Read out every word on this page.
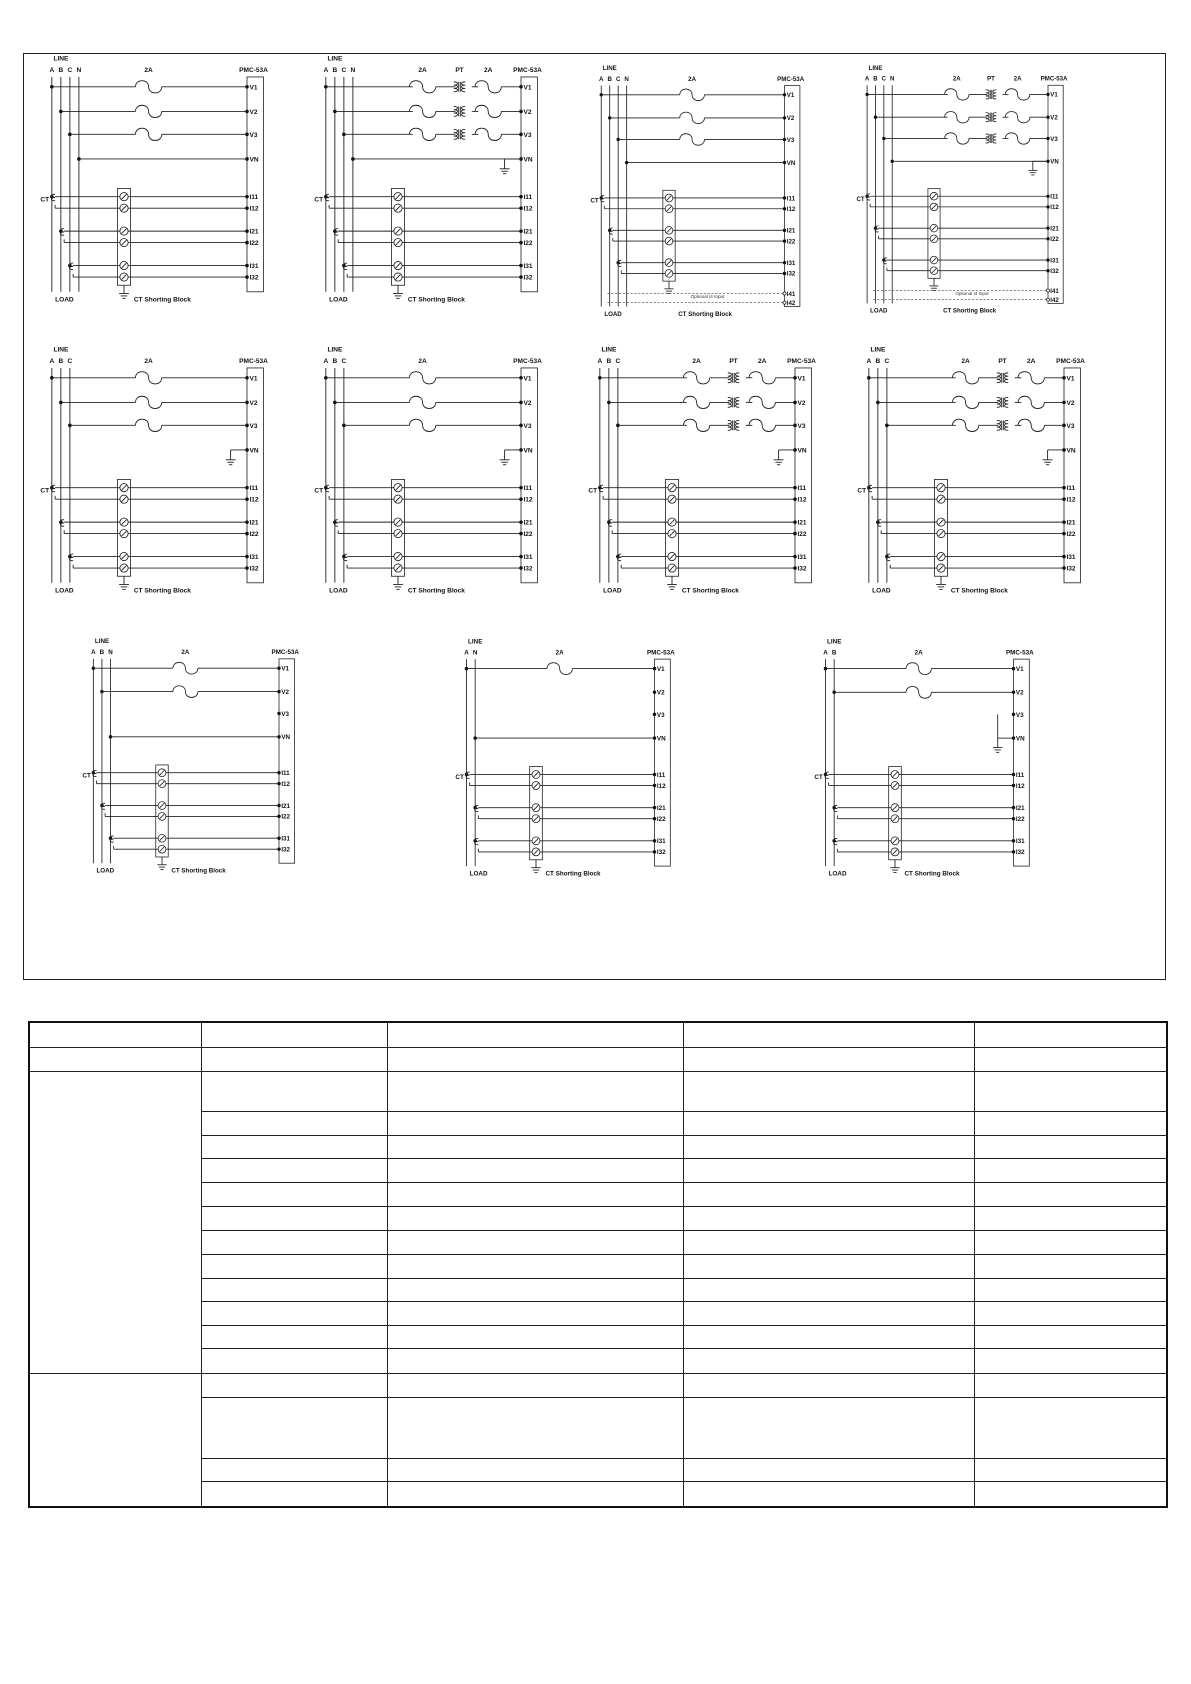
LINE
A B C N	PMC-53A
2A
LOAD
V1
V2
V3
VN
I11
I12
I21
I22
I31
I32
CT
CT Shorting Block
LINE
A B C N	PMC-53A
2A	PT	2A
LOAD
V1
V2
V3
VN
I11
I12
I21
I22
I31
I32
CT
CT Shorting Block
LINE
A B C N	PMC-53A
2A
LOAD
V1
V2
V3
VN
I11
I12
I21
I22
I31
I32
CT
CT Shorting Block
I41
I42
Optional I4 Input
LINE
A B C N	PMC-53A
2A	PT 2A
LOAD
V1
V2
V3
VN
I11
I12
I21
I22
I31
I32
CT
CT Shorting Block
I41
I42
Optional I4 Input
LINE
A B C	PMC-53A
2A
LOAD
V1
V2
V3
VN
I11
I12
I21
I22
I31
I32
CT
CT Shorting Block
LINE
A B C	PMC-53A
2A
LOAD
V1
V2
V3
VN
I11
I12
I21
I22
I31
I32
CT
CT Shorting Block
LINE
A B C	PMC-53A
2A	PT	2A
LOAD
V1
V2
V3
VN
I11
I12
I21
I22
I31
I32
CT
CT Shorting Block
LINE
A B C	PMC-53A
2A	PT	2A
LOAD
V1
V2
V3
VN
I11
I12
I21
I22
I31
I32
CT
CT Shorting Block
LINE
A B N	PMC-53A
2A
LOAD
V1
V2
V3
VN
I11
I12
I21
I22
I31
I32
CT
CT Shorting Block
LINE
A N	PMC-53A
2A
LOAD
V1
V2
V3
VN
I11
I12
I21
I22
I31
I32
CT
CT Shorting Block
LINE
A B	PMC-53A
2A
LOAD
V1
V2
V3
VN
I11
I12
I21
I22
I31
I32
CT
CT Shorting Block
